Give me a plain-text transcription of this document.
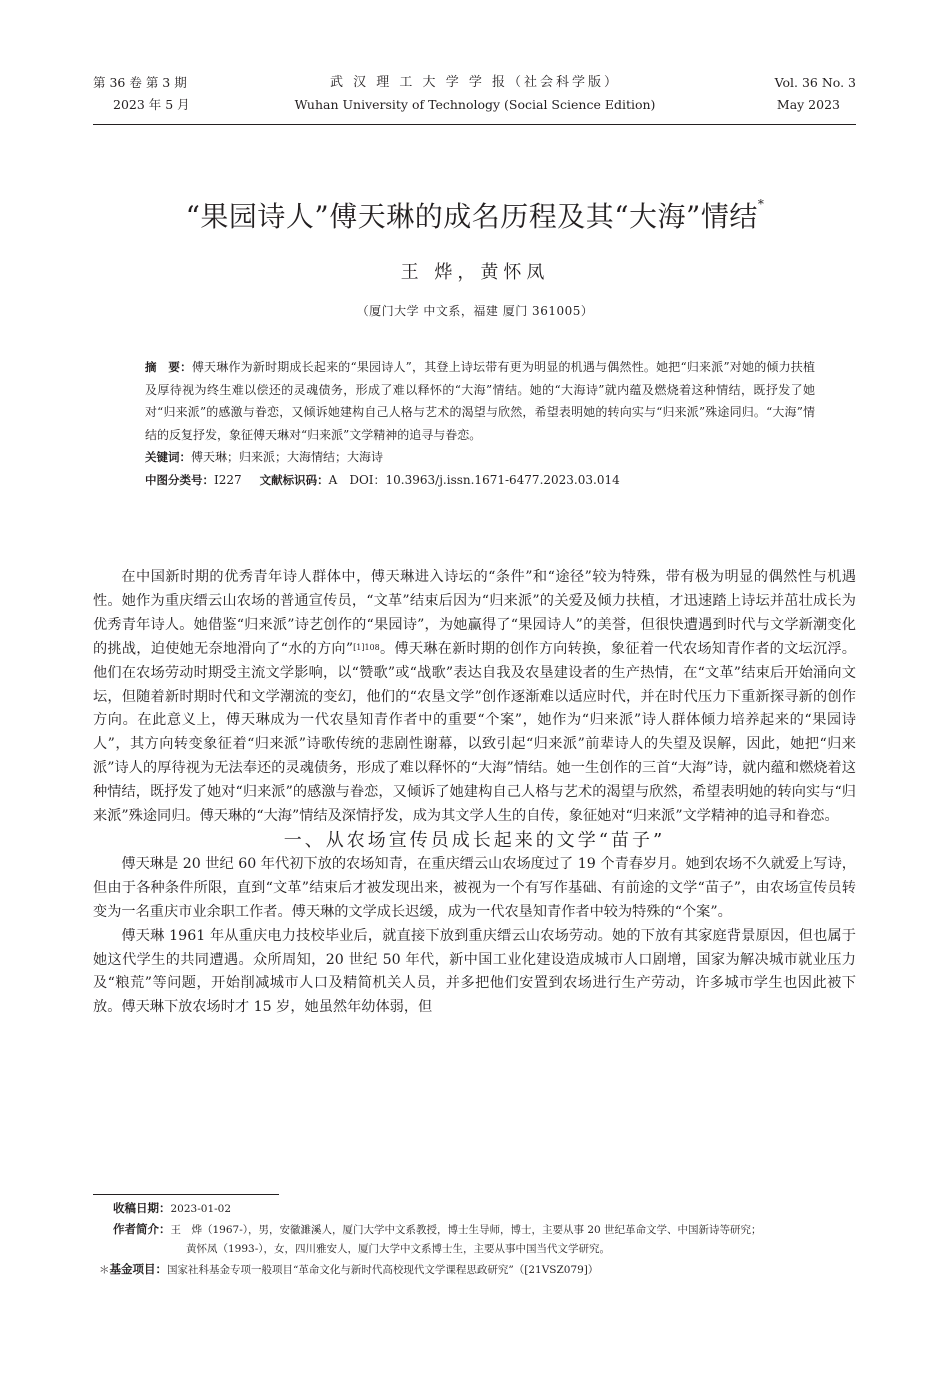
第 36 卷 第 3 期
2023 年 5 月
武 汉 理 工 大 学 学 报（社会科学版）
Wuhan University of Technology (Social Science Edition)
Vol. 36 No. 3
May 2023
“果园诗人”傅天琳的成名历程及其“大海”情结*
王 烨，黄怀凤
（厦门大学 中文系，福建 厦门 361005）

摘　要：傅天琳作为新时期成长起来的“果园诗人”，其登上诗坛带有更为明显的机遇与偶然性。她把“归来派”对她的倾力扶植及厚待视为终生难以偿还的灵魂债务，形成了难以释怀的“大海”情结。她的“大海诗”就内蕴及燃烧着这种情结，既抒发了她对“归来派”的感激与眷恋，又倾诉她建构自己人格与艺术的渴望与欣然，希望表明她的转向实与“归来派”殊途同归。“大海”情结的反复抒发，象征傅天琳对“归来派”文学精神的追寻与眷恋。

关键词：傅天琳；归来派；大海情结；大海诗

中图分类号：I227   文献标识码：A  DOI：10.3963/j.issn.1671-6477.2023.03.014

在中国新时期的优秀青年诗人群体中，傅天琳进入诗坛的“条件”和“途径”较为特殊，带有极为明显的偶然性与机遇性。她作为重庆缙云山农场的普通宣传员，“文革”结束后因为“归来派”的关爱及倾力扶植，才迅速踏上诗坛并茁壮成长为优秀青年诗人。她借鉴“归来派”诗艺创作的“果园诗”，为她赢得了“果园诗人”的美誉，但很快遭遇到时代与文学新潮变化的挑战，迫使她无奈地滑向了“水的方向”$^{[1]108}$。傅天琳在新时期的创作方向转换，象征着一代农场知青作者的文坛沉浮。他们在农场劳动时期受主流文学影响，以“赞歌”或“战歌”表达自我及农垦建设者的生产热情，在“文革”结束后开始涌向文坛，但随着新时期时代和文学潮流的变幻，他们的“农垦文学”创作逐渐难以适应时代，并在时代压力下重新探寻新的创作方向。在此意义上，傅天琳成为一代农垦知青作者中的重要“个案”，她作为“归来派”诗人群体倾力培养起来的“果园诗人”，其方向转变象征着“归来派”诗歌传统的悲剧性谢幕，以致引起“归来派”前辈诗人的失望及误解，因此，她把“归来派”诗人的厚待视为无法奉还的灵魂债务，形成了难以释怀的“大海”情结。她一生创作的三首“大海”诗，就内蕴和燃烧着这种情结，既抒发了她对“归来派”的感激与眷恋，又倾诉了她建构自己人格与艺术的渴望与欣然，希望表明她的转向实与“归来派”殊途同归。傅天琳的“大海”情结及深情抒发，成为其文学人生的自传，象征她对“归来派”文学精神的追寻和眷恋。

一、从农场宣传员成长起来的文学“苗子”

傅天琳是 20 世纪 60 年代初下放的农场知青，在重庆缙云山农场度过了 19 个青春岁月。她到农场不久就爱上写诗，但由于各种条件所限，直到“文革”结束后才被发现出来，被视为一个有写作基础、有前途的文学“苗子”，由农场宣传员转变为一名重庆市业余职工作者。傅天琳的文学成长迟缓，成为一代农垦知青作者中较为特殊的“个案”。

傅天琳 1961 年从重庆电力技校毕业后，就直接下放到重庆缙云山农场劳动。她的下放有其家庭背景原因，但也属于她这代学生的共同遭遇。众所周知，20 世纪 50 年代，新中国工业化建设造成城市人口剧增，国家为解决城市就业压力及“粮荒”等问题，开始削减城市人口及精简机关人员，并多把他们安置到农场进行生产劳动，许多城市学生也因此被下放。傅天琳下放农场时才 15 岁，她虽然年幼体弱，但

收稿日期：2023-01-02
作者简介：王　烨（1967-），男，安徽濉溪人，厦门大学中文系教授，博士生导师，博士，主要从事 20 世纪革命文学、中国新诗等研究；
黄怀凤（1993-），女，四川雅安人，厦门大学中文系博士生，主要从事中国当代文学研究。
＊基金项目：国家社科基金专项一般项目“革命文化与新时代高校现代文学课程思政研究”（[21VSZ079]）
